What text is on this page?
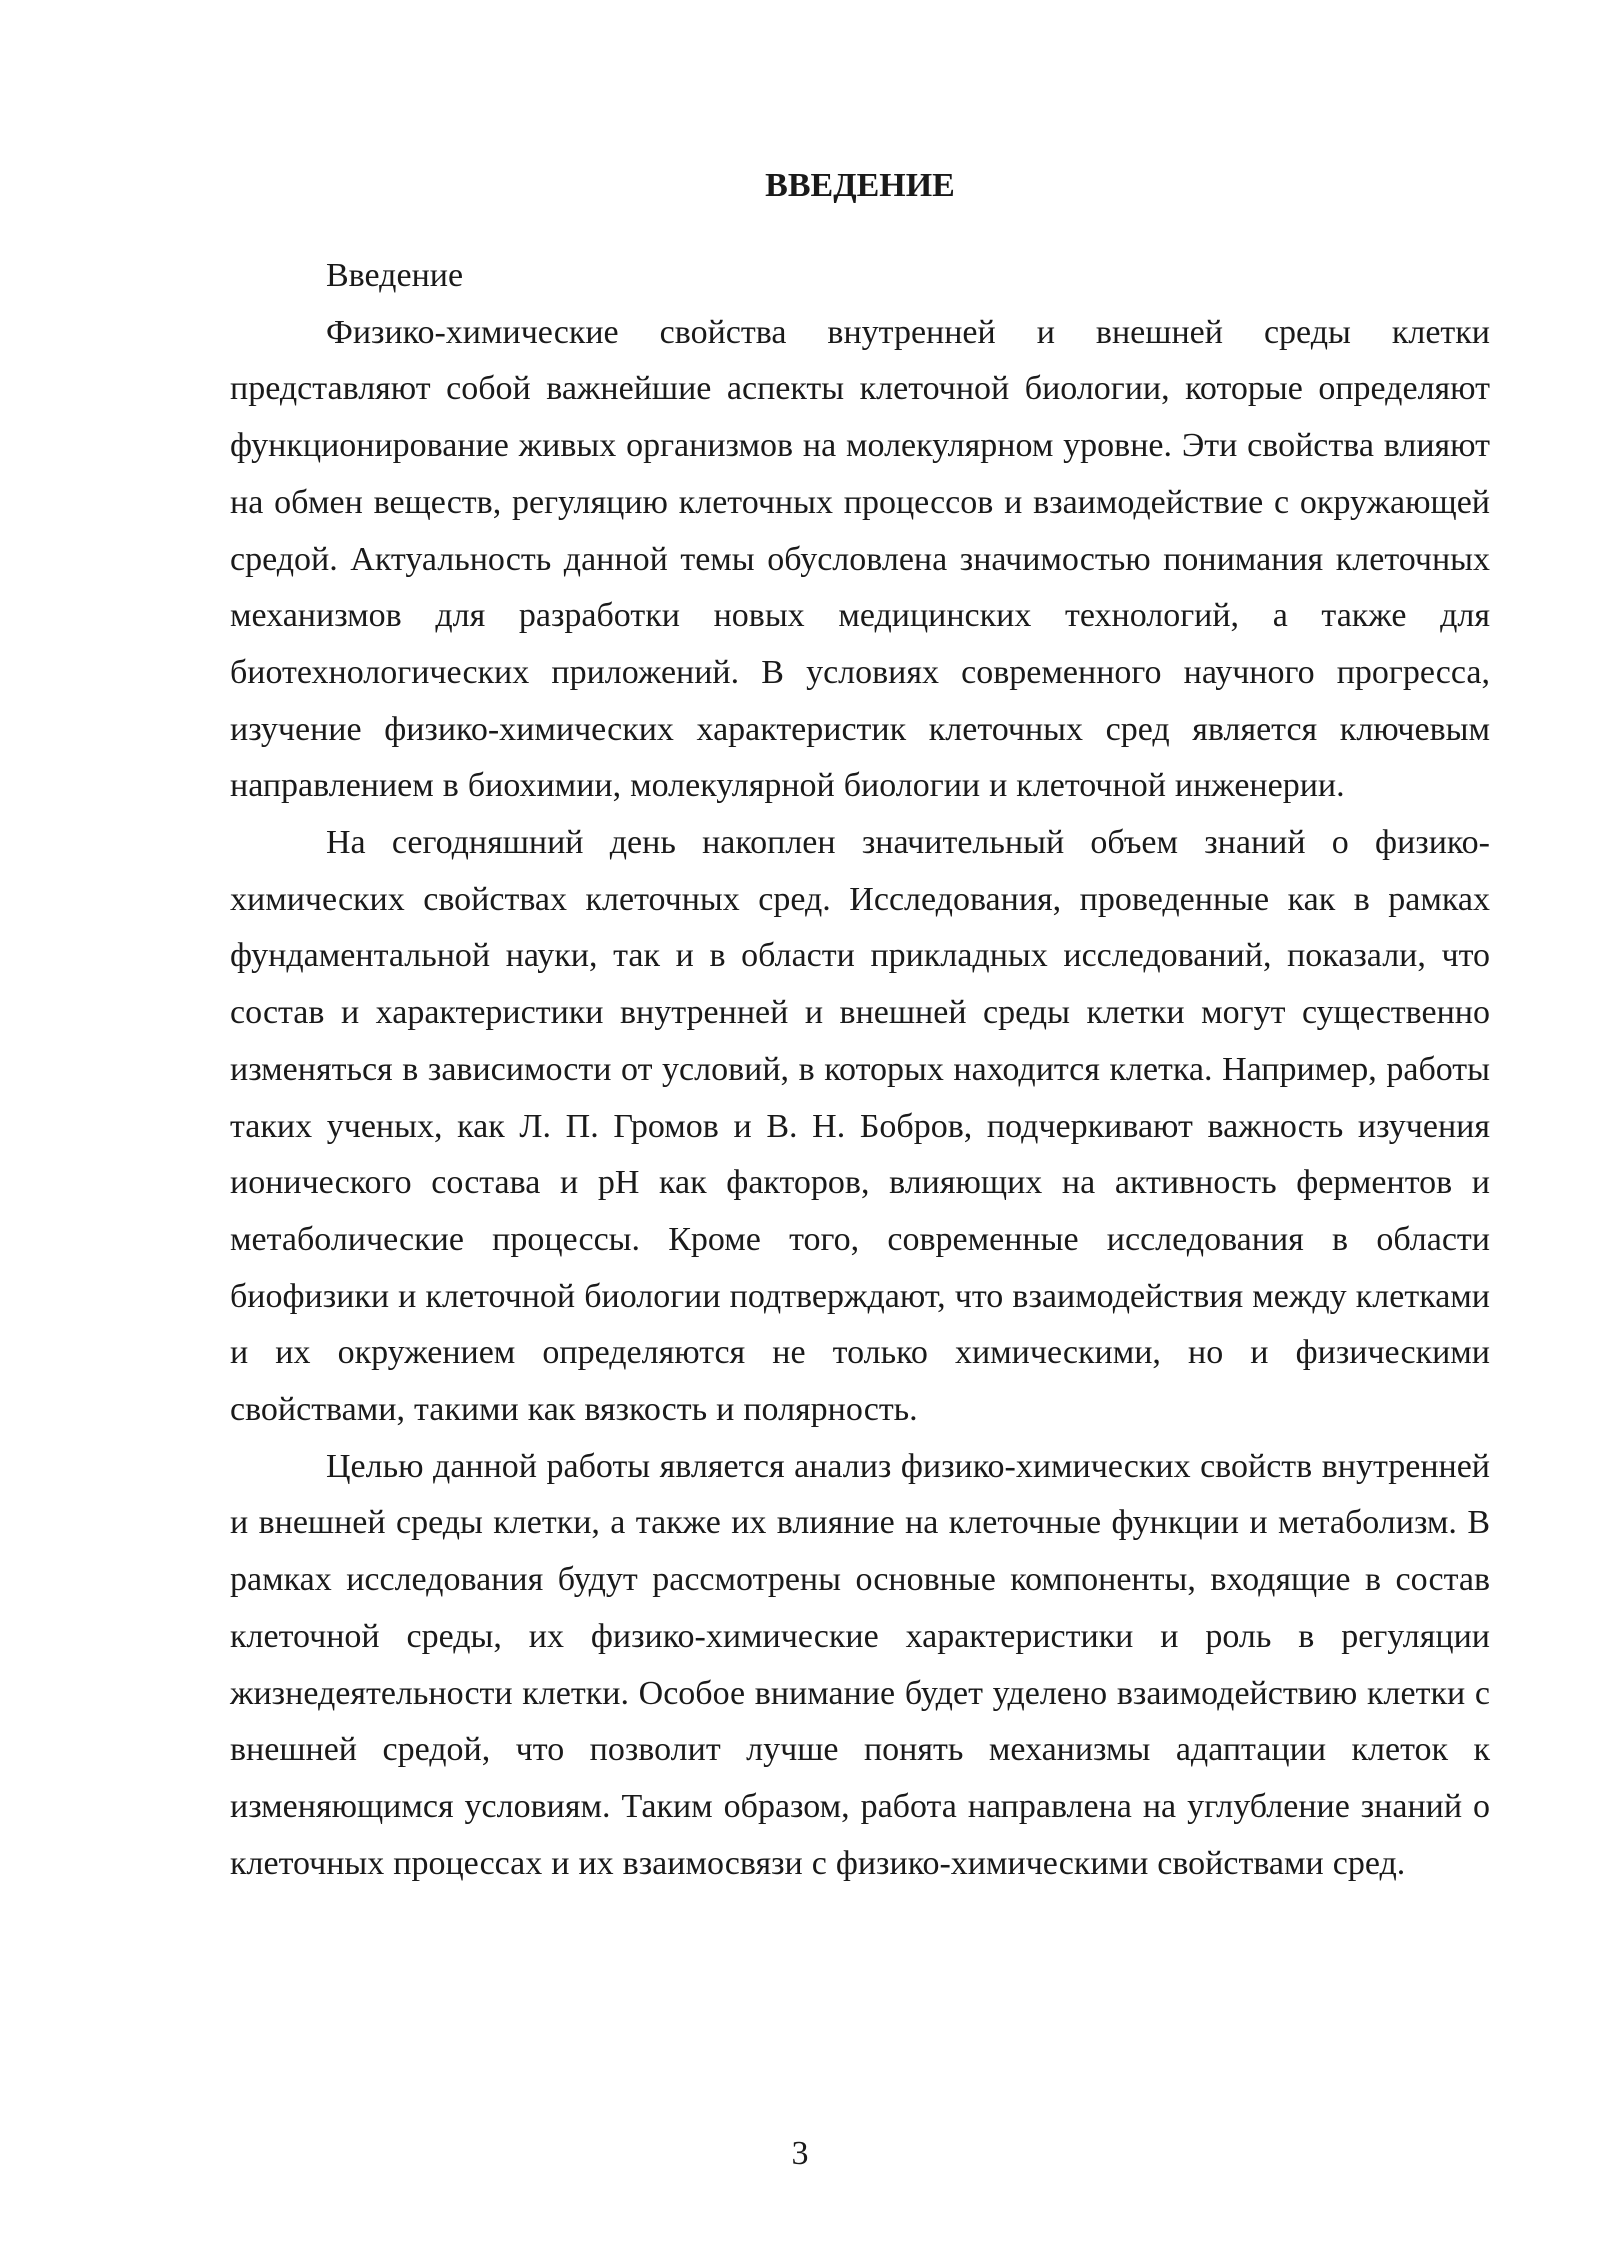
ВВЕДЕНИЕ

Введение

Физико-химические свойства внутренней и внешней среды клетки представляют собой важнейшие аспекты клеточной биологии, которые определяют функционирование живых организмов на молекулярном уровне. Эти свойства влияют на обмен веществ, регуляцию клеточных процессов и взаимодействие с окружающей средой. Актуальность данной темы обусловлена значимостью понимания клеточных механизмов для разработки новых медицинских технологий, а также для биотехнологических приложений. В условиях современного научного прогресса, изучение физико-химических характеристик клеточных сред является ключевым направлением в биохимии, молекулярной биологии и клеточной инженерии.

На сегодняшний день накоплен значительный объем знаний о физико-химических свойствах клеточных сред. Исследования, проведенные как в рамках фундаментальной науки, так и в области прикладных исследований, показали, что состав и характеристики внутренней и внешней среды клетки могут существенно изменяться в зависимости от условий, в которых находится клетка. Например, работы таких ученых, как Л. П. Громов и В. Н. Бобров, подчеркивают важность изучения ионического состава и pH как факторов, влияющих на активность ферментов и метаболические процессы. Кроме того, современные исследования в области биофизики и клеточной биологии подтверждают, что взаимодействия между клетками и их окружением определяются не только химическими, но и физическими свойствами, такими как вязкость и полярность.

Целью данной работы является анализ физико-химических свойств внутренней и внешней среды клетки, а также их влияние на клеточные функции и метаболизм. В рамках исследования будут рассмотрены основные компоненты, входящие в состав клеточной среды, их физико-химические характеристики и роль в регуляции жизнедеятельности клетки. Особое внимание будет уделено взаимодействию клетки с внешней средой, что позволит лучше понять механизмы адаптации клеток к изменяющимся условиям. Таким образом, работа направлена на углубление знаний о клеточных процессах и их взаимосвязи с физико-химическими свойствами сред.

3
